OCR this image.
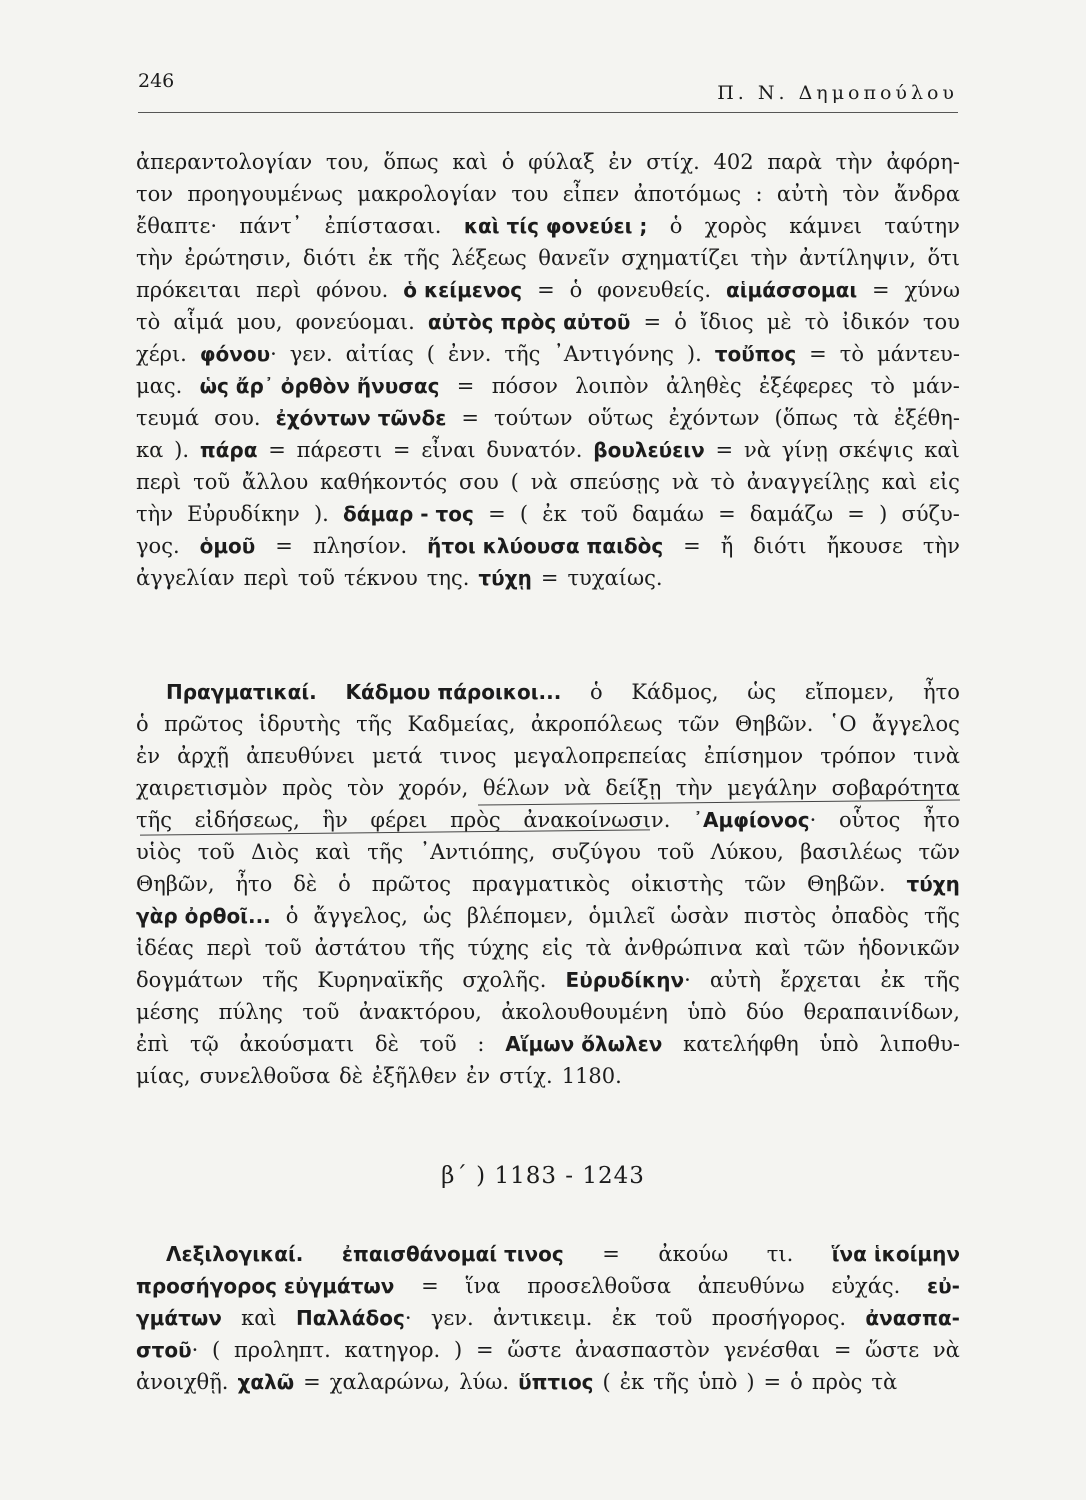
246
Π. Ν. Δημοπούλου
ἀπεραντολογίαν του, ὅπως καὶ ὁ φύλαξ ἐν στίχ. 402 παρὰ τὴν ἀφόρη-
τον προηγουμένως μακρολογίαν του εἶπεν ἀποτόμως : αὐτὴ τὸν ἄνδρα
ἔθαπτε· πάντ᾽ ἐπίστασαι. καὶ τίς φονεύει ; ὁ χορὸς κάμνει ταύτην
τὴν ἐρώτησιν, διότι ἐκ τῆς λέξεως θανεῖν σχηματίζει τὴν ἀντίληψιν, ὅτι
πρόκειται περὶ φόνου. ὁ κείμενος = ὁ φονευθείς. αἱμάσσομαι = χύνω
τὸ αἷμά μου, φονεύομαι. αὐτὸς πρὸς αὐτοῦ = ὁ ἴδιος μὲ τὸ ἰδικόν του
χέρι. φόνου· γεν. αἰτίας ( ἐνν. τῆς ᾽Αντιγόνης ). τοὔπος = τὸ μάντευ-
μας. ὡς ἄρ᾽ ὀρθὸν ἤνυσας = πόσον λοιπὸν ἀληθὲς ἐξέφερες τὸ μάν-
τευμά σου. ἐχόντων τῶνδε = τούτων οὕτως ἐχόντων (ὅπως τὰ ἐξέθη-
κα ). πάρα = πάρεστι = εἶναι δυνατόν. βουλεύειν = νὰ γίνῃ σκέψις καὶ
περὶ τοῦ ἄλλου καθήκοντός σου ( νὰ σπεύσῃς νὰ τὸ ἀναγγείλῃς καὶ εἰς
τὴν Εὐρυδίκην ). δάμαρ - τος = ( ἐκ τοῦ δαμάω = δαμάζω = ) σύζυ-
γος. ὁμοῦ = πλησίον. ἤτοι κλύουσα παιδὸς = ἤ διότι ἤκουσε τὴν
ἀγγελίαν περὶ τοῦ τέκνου της. τύχῃ = τυχαίως.
Πραγματικαί. Κάδμου πάροικοι... ὁ Κάδμος, ὡς εἴπομεν, ἦτο
ὁ πρῶτος ἱδρυτὴς τῆς Καδμείας, ἀκροπόλεως τῶν Θηβῶν. ῾Ο ἄγγελος
ἐν ἀρχῇ ἀπευθύνει μετά τινος μεγαλοπρεπείας ἐπίσημον τρόπον τινὰ
χαιρετισμὸν πρὸς τὸν χορόν, θέλων νὰ δείξῃ τὴν μεγάλην σοβαρότητα
τῆς εἰδήσεως, ἣν φέρει πρὸς ἀνακοίνωσιν. ᾽Αμφίονος· οὗτος ἦτο
υἱὸς τοῦ Διὸς καὶ τῆς ᾽Αντιόπης, συζύγου τοῦ Λύκου, βασιλέως τῶν
Θηβῶν, ἦτο δὲ ὁ πρῶτος πραγματικὸς οἰκιστὴς τῶν Θηβῶν. τύχη
γὰρ ὀρθοῖ... ὁ ἄγγελος, ὡς βλέπομεν, ὁμιλεῖ ὡσὰν πιστὸς ὀπαδὸς τῆς
ἰδέας περὶ τοῦ ἀστάτου τῆς τύχης εἰς τὰ ἀνθρώπινα καὶ τῶν ἡδονικῶν
δογμάτων τῆς Κυρηναϊκῆς σχολῆς. Εὐρυδίκην· αὐτὴ ἔρχεται ἐκ τῆς
μέσης πύλης τοῦ ἀνακτόρου, ἀκολουθουμένη ὑπὸ δύο θεραπαινίδων,
ἐπὶ τῷ ἀκούσματι δὲ τοῦ : Αἵμων ὄλωλεν κατελήφθη ὑπὸ λιποθυ-
μίας, συνελθοῦσα δὲ ἐξῆλθεν ἐν στίχ. 1180.
β΄ ) 1183 - 1243
Λεξιλογικαί. ἐπαισθάνομαί τινος = ἀκούω τι. ἵνα ἱκοίμην
προσήγορος εὐγμάτων = ἵνα προσελθοῦσα ἀπευθύνω εὐχάς. εὐ-
γμάτων καὶ Παλλάδος· γεν. ἀντικειμ. ἐκ τοῦ προσήγορος. ἀνασπα-
στοῦ· ( προληπτ. κατηγορ. ) = ὥστε ἀνασπαστὸν γενέσθαι = ὥστε νὰ
ἀνοιχθῇ. χαλῶ = χαλαρώνω, λύω. ὕπτιος ( ἐκ τῆς ὑπὸ ) = ὁ πρὸς τὰ
